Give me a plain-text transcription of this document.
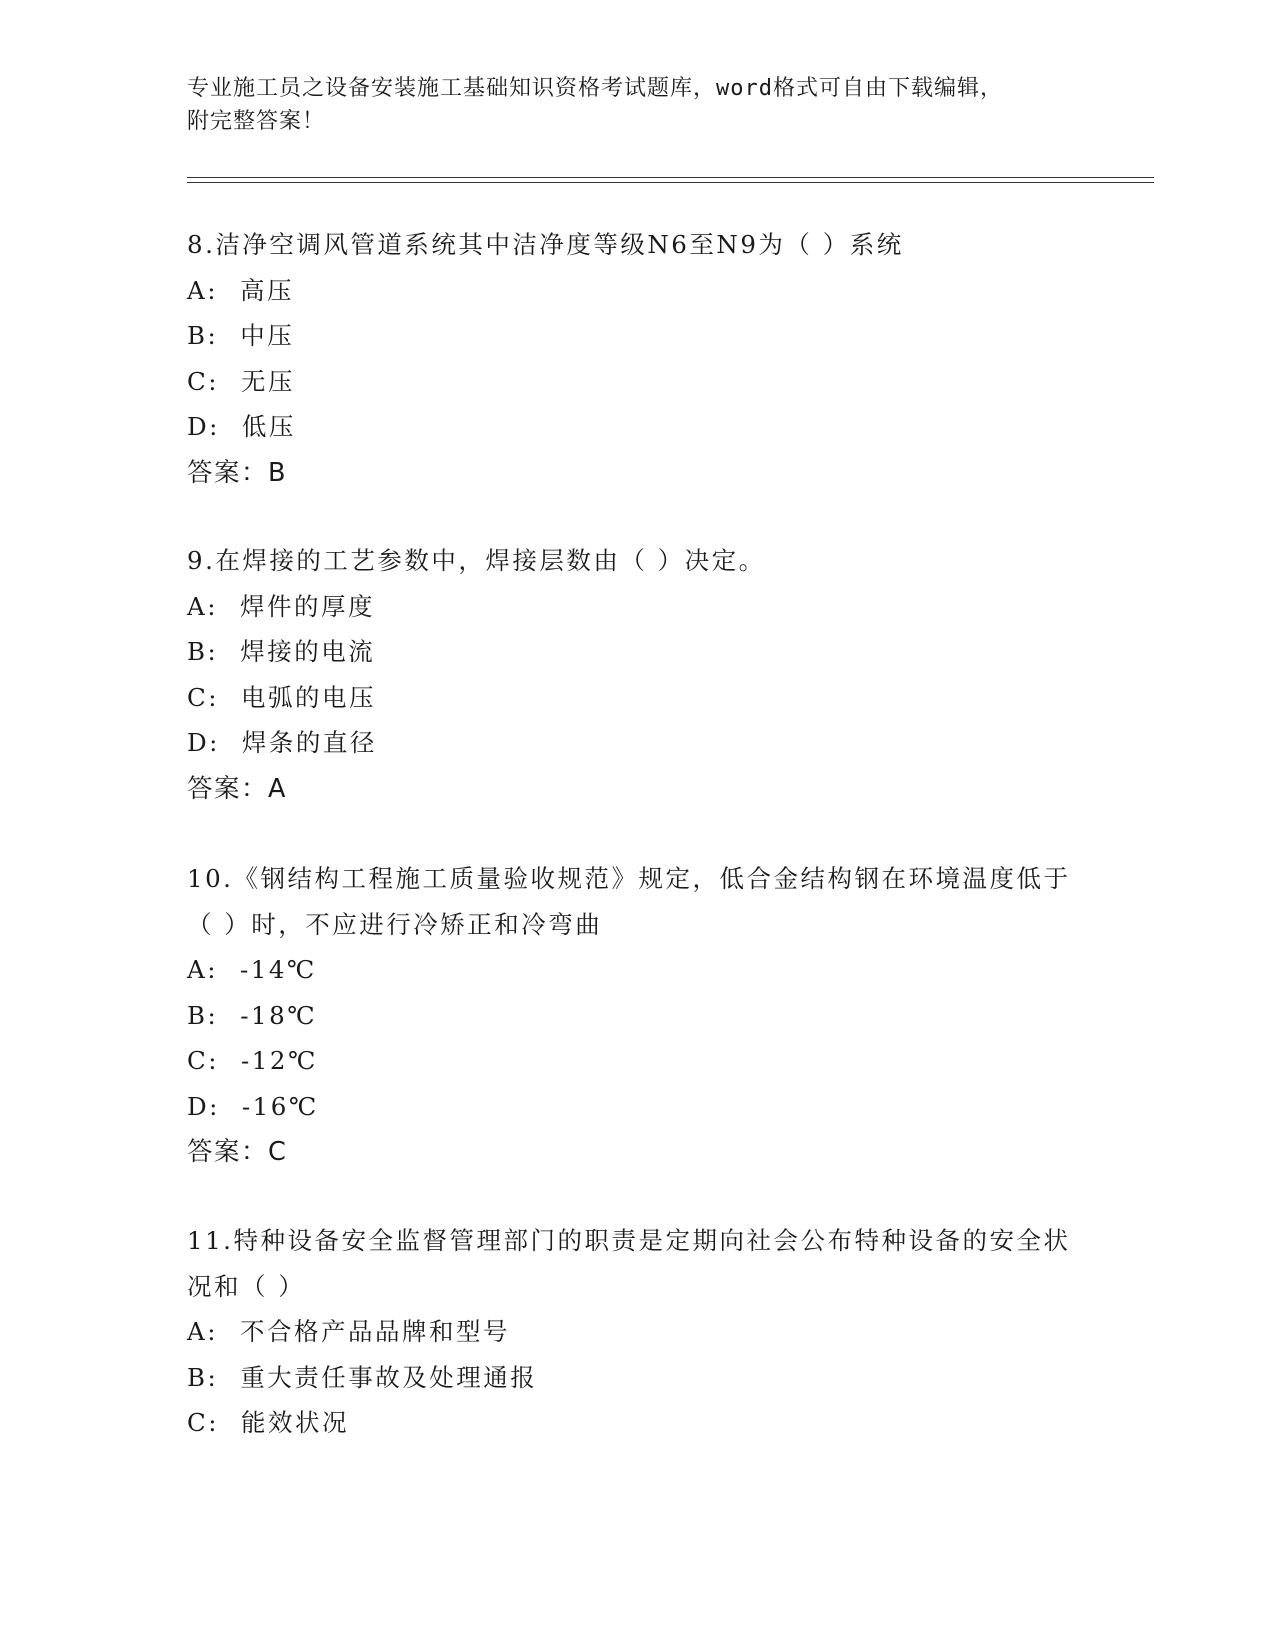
专业施工员之设备安装施工基础知识资格考试题库，word格式可自由下载编辑，
附完整答案！

8.洁净空调风管道系统其中洁净度等级N6至N9为（ ）系统

A: 高压

B: 中压

C: 无压

D: 低压

答案：B

9.在焊接的工艺参数中，焊接层数由（ ）决定。

A: 焊件的厚度

B: 焊接的电流

C: 电弧的电压

D: 焊条的直径

答案：A

10.《钢结构工程施工质量验收规范》规定，低合金结构钢在环境温度低于（ ）时，不应进行冷矫正和冷弯曲

A: -14℃

B: -18℃

C: -12℃

D: -16℃

答案：C

11.特种设备安全监督管理部门的职责是定期向社会公布特种设备的安全状况和（ ）

A: 不合格产品品牌和型号

B: 重大责任事故及处理通报

C: 能效状况
